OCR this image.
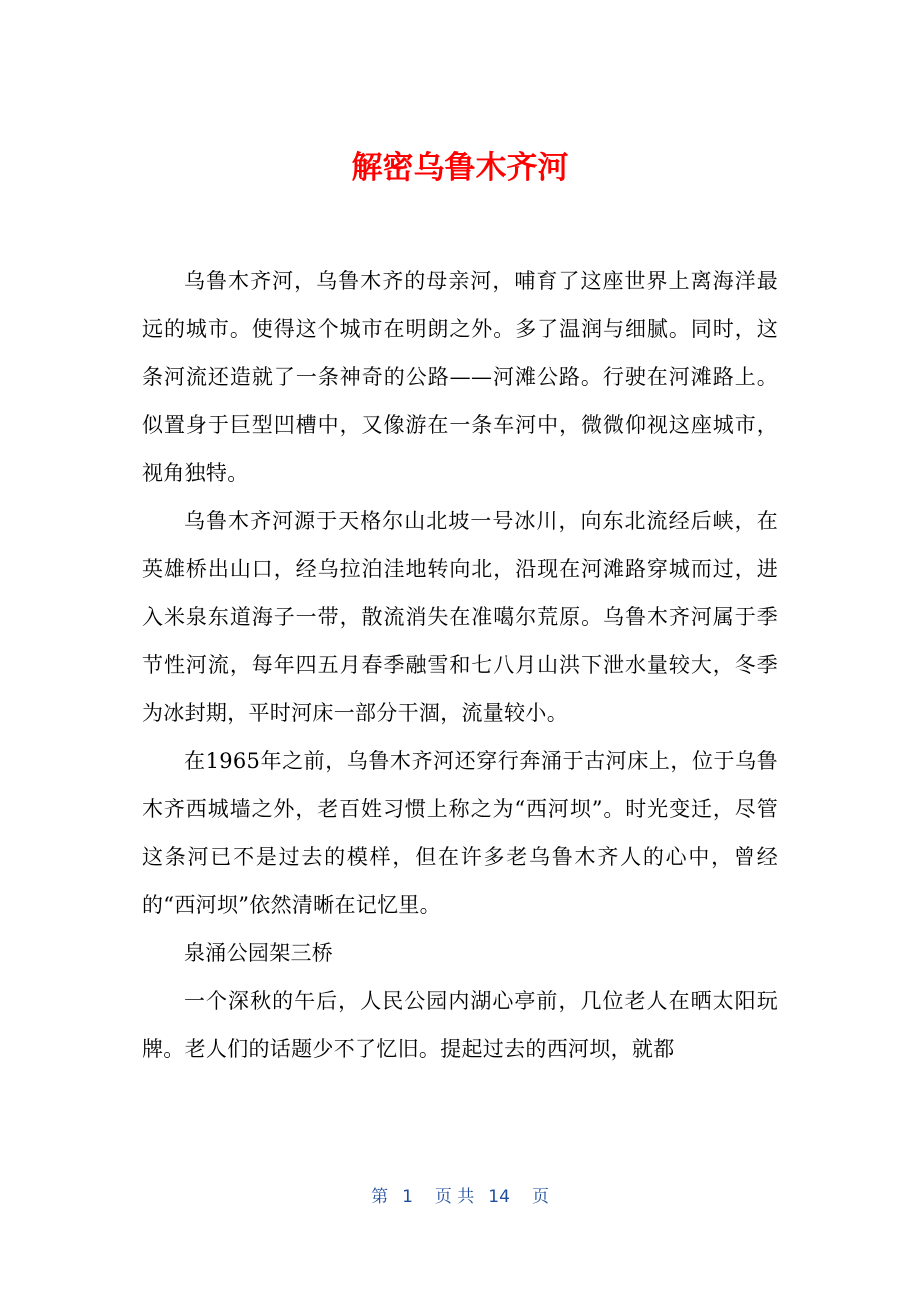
解密乌鲁木齐河

乌鲁木齐河，乌鲁木齐的母亲河，哺育了这座世界上离海洋最远的城市。使得这个城市在明朗之外。多了温润与细腻。同时，这条河流还造就了一条神奇的公路——河滩公路。行驶在河滩路上。似置身于巨型凹槽中，又像游在一条车河中，微微仰视这座城市，视角独特。

乌鲁木齐河源于天格尔山北坡一号冰川，向东北流经后峡，在英雄桥出山口，经乌拉泊洼地转向北，沿现在河滩路穿城而过，进入米泉东道海子一带，散流消失在准噶尔荒原。乌鲁木齐河属于季节性河流，每年四五月春季融雪和七八月山洪下泄水量较大，冬季为冰封期，平时河床一部分干涸，流量较小。

在1965年之前，乌鲁木齐河还穿行奔涌于古河床上，位于乌鲁木齐西城墙之外，老百姓习惯上称之为“西河坝”。时光变迁，尽管这条河已不是过去的模样，但在许多老乌鲁木齐人的心中，曾经的“西河坝”依然清晰在记忆里。

泉涌公园架三桥

一个深秋的午后，人民公园内湖心亭前，几位老人在晒太阳玩牌。老人们的话题少不了忆旧。提起过去的西河坝，就都

第 1 页 共 14 页
